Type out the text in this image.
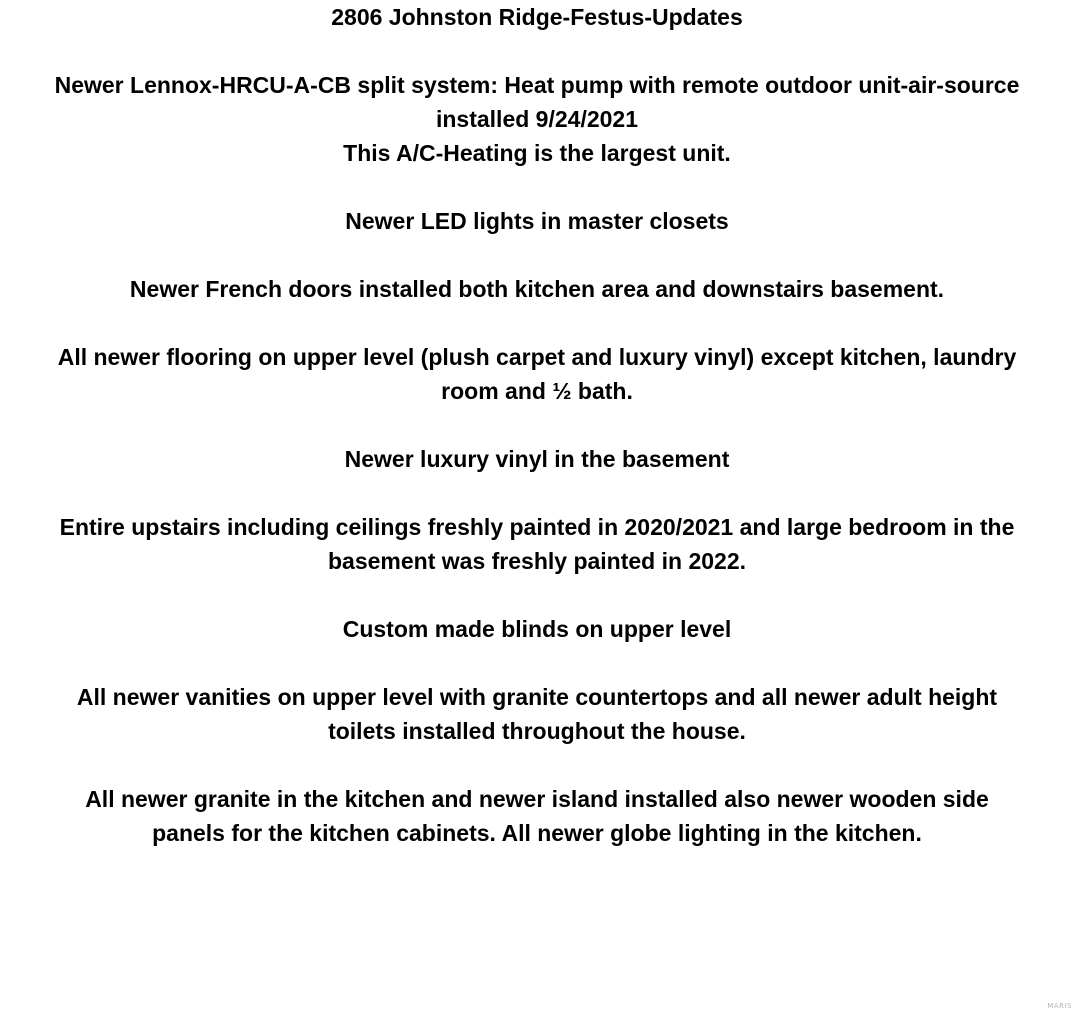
2806 Johnston Ridge-Festus-Updates
Newer Lennox-HRCU-A-CB split system: Heat pump with remote outdoor unit-air-source
installed 9/24/2021
This A/C-Heating is the largest unit.
Newer LED lights in master closets
Newer French doors installed both kitchen area and downstairs basement.
All newer flooring on upper level (plush carpet and luxury vinyl) except kitchen, laundry
room and ½ bath.
Newer luxury vinyl in the basement
Entire upstairs including ceilings freshly painted in 2020/2021 and large bedroom in the
basement was freshly painted in 2022.
Custom made blinds on upper level
All newer vanities on upper level with granite countertops and all newer adult height
toilets installed throughout the house.
All newer granite in the kitchen and newer island installed also newer wooden side
panels for the kitchen cabinets. All newer globe lighting in the kitchen.
MARIS
